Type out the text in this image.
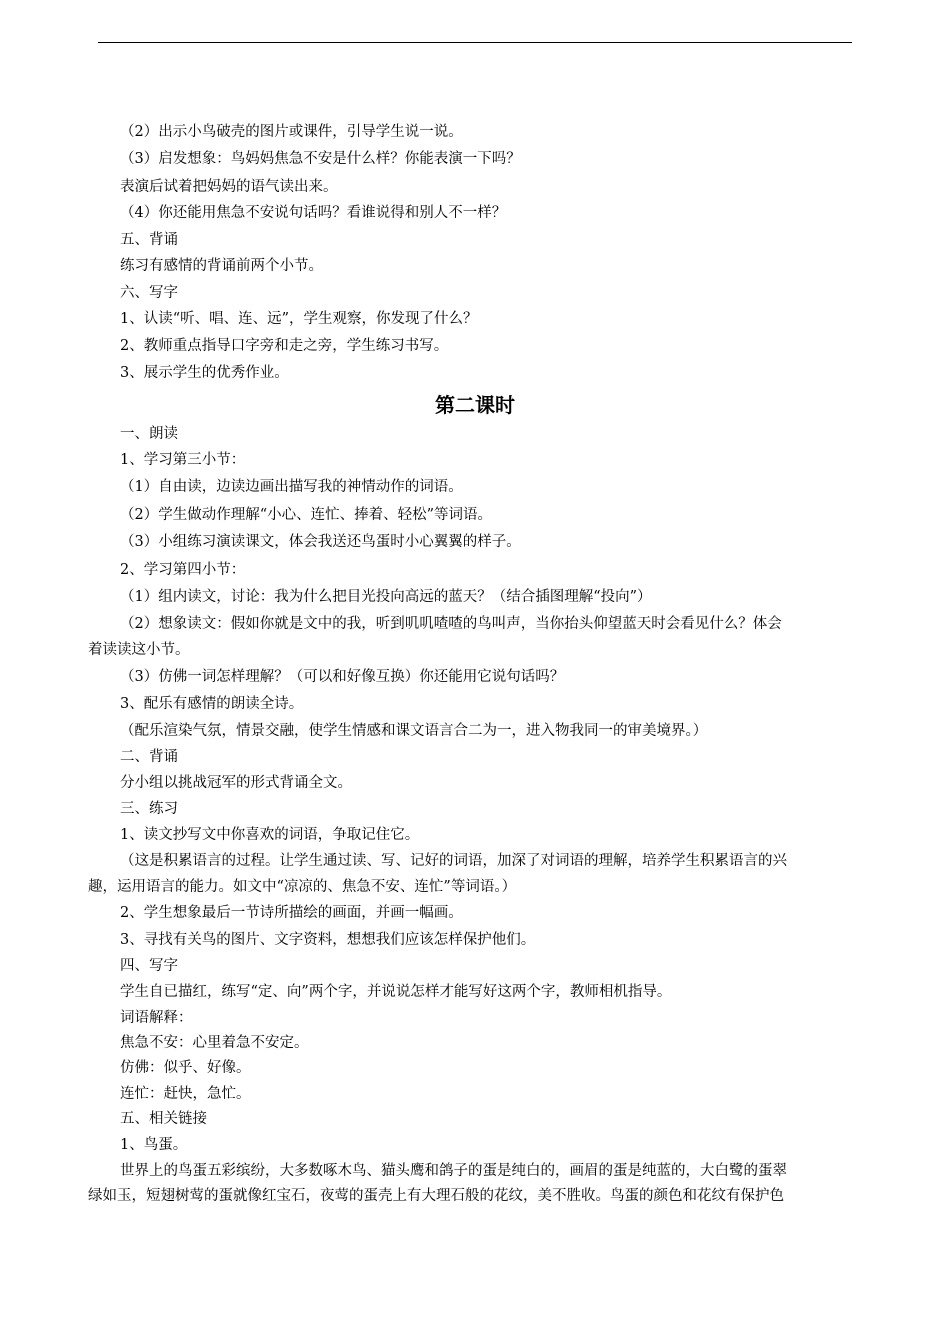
（2）出示小鸟破壳的图片或课件，引导学生说一说。
（3）启发想象：鸟妈妈焦急不安是什么样？你能表演一下吗？
表演后试着把妈妈的语气读出来。
（4）你还能用焦急不安说句话吗？看谁说得和别人不一样？
五、背诵
练习有感情的背诵前两个小节。
六、写字
1、认读“听、唱、连、远”，学生观察，你发现了什么？
2、教师重点指导口字旁和走之旁，学生练习书写。
3、展示学生的优秀作业。
第二课时
一、朗读
1、学习第三小节：
（1）自由读，边读边画出描写我的神情动作的词语。
（2）学生做动作理解“小心、连忙、捧着、轻松”等词语。
（3）小组练习演读课文，体会我送还鸟蛋时小心翼翼的样子。
2、学习第四小节：
（1）组内读文，讨论：我为什么把目光投向高远的蓝天？（结合插图理解“投向”）
（2）想象读文：假如你就是文中的我，听到叽叽喳喳的鸟叫声，当你抬头仰望蓝天时会看见什么？体会
着读读这小节。
（3）仿佛一词怎样理解？（可以和好像互换）你还能用它说句话吗？
3、配乐有感情的朗读全诗。
（配乐渲染气氛，情景交融，使学生情感和课文语言合二为一，进入物我同一的审美境界。）
二、背诵
分小组以挑战冠军的形式背诵全文。
三、练习
1、读文抄写文中你喜欢的词语，争取记住它。
（这是积累语言的过程。让学生通过读、写、记好的词语，加深了对词语的理解，培养学生积累语言的兴
趣，运用语言的能力。如文中“凉凉的、焦急不安、连忙”等词语。）
2、学生想象最后一节诗所描绘的画面，并画一幅画。
3、寻找有关鸟的图片、文字资料，想想我们应该怎样保护他们。
四、写字
学生自已描红，练写“定、向”两个字，并说说怎样才能写好这两个字，教师相机指导。
词语解释：
焦急不安：心里着急不安定。
仿佛：似乎、好像。
连忙：赶快，急忙。
五、相关链接
1、鸟蛋。
世界上的鸟蛋五彩缤纷，大多数啄木鸟、猫头鹰和鸽子的蛋是纯白的，画眉的蛋是纯蓝的，大白鹭的蛋翠
绿如玉，短翅树莺的蛋就像红宝石，夜莺的蛋壳上有大理石般的花纹，美不胜收。鸟蛋的颜色和花纹有保护色
